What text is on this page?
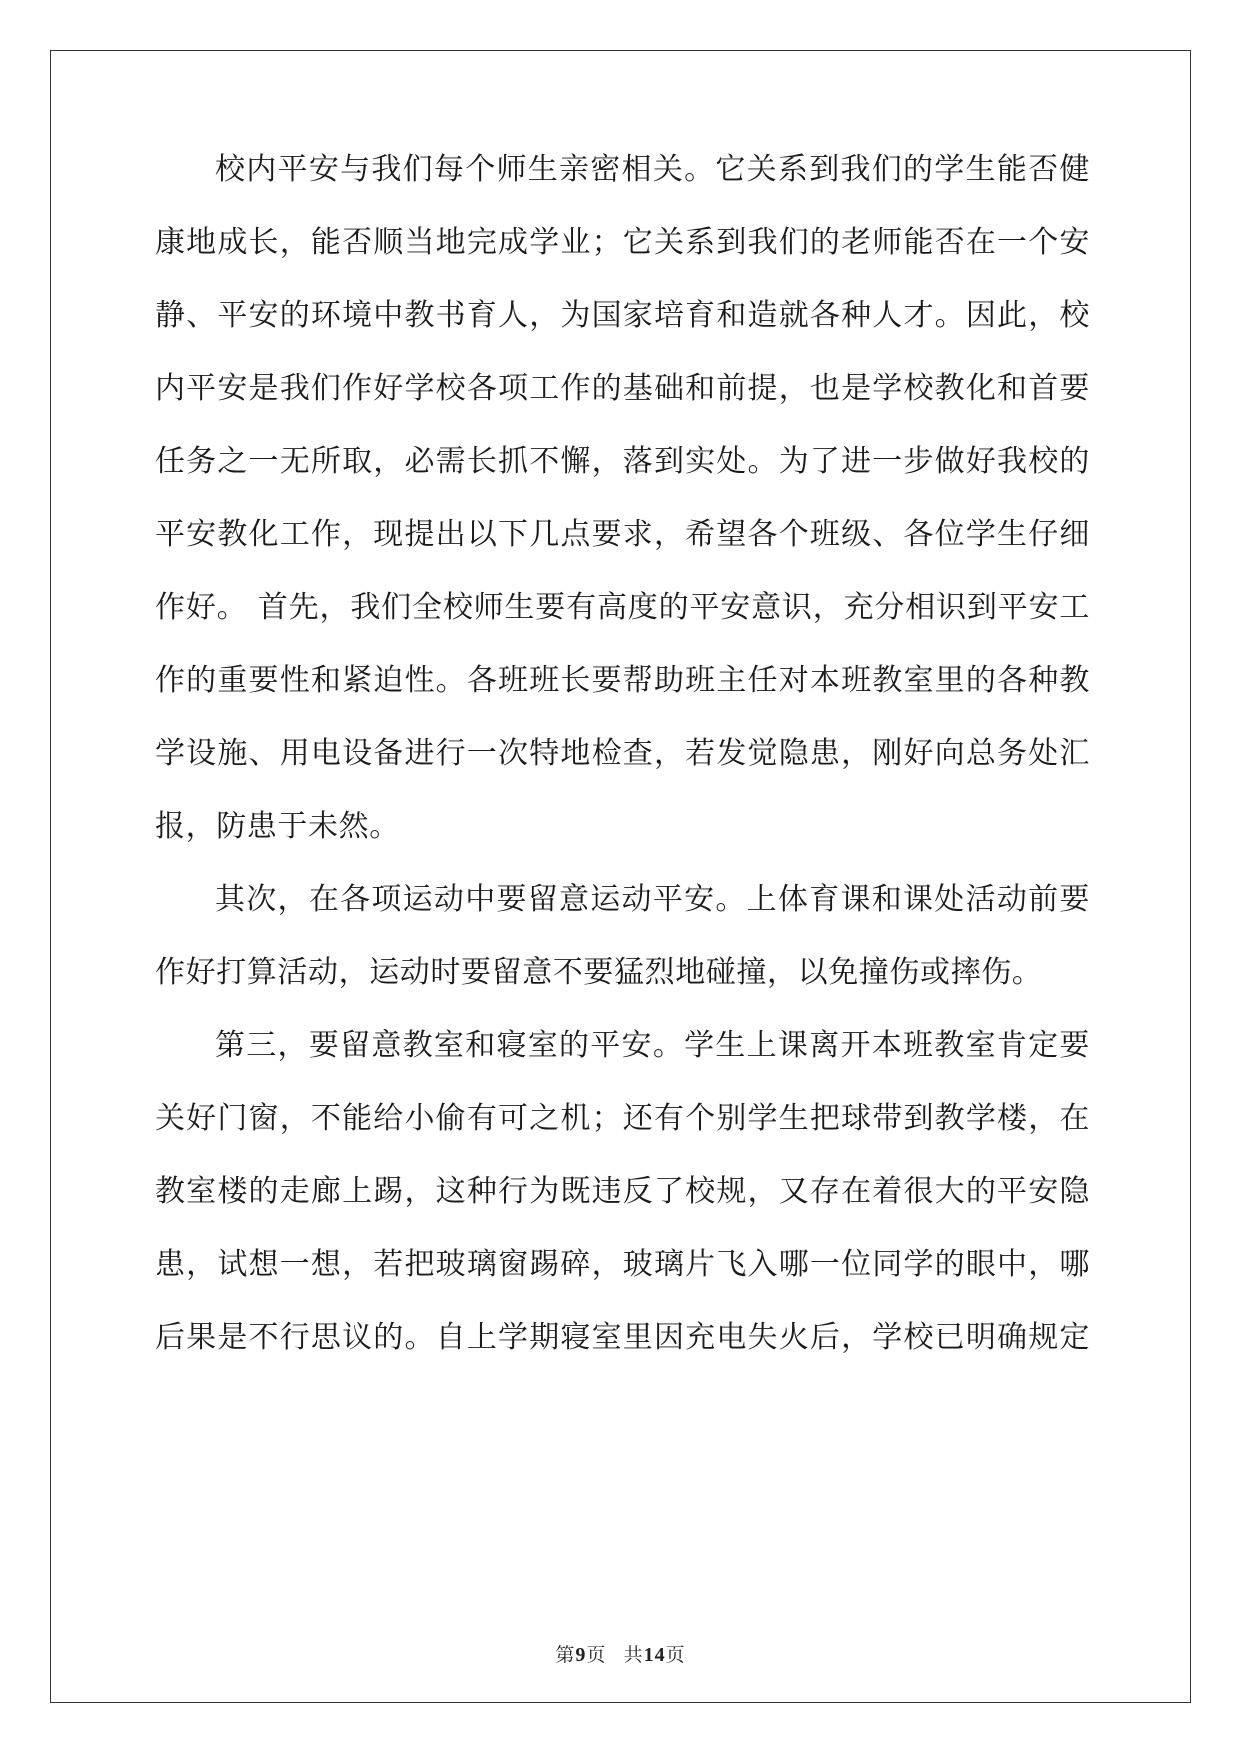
校内平安与我们每个师生亲密相关。它关系到我们的学生能否健
康地成长，能否顺当地完成学业；它关系到我们的老师能否在一个安
静、平安的环境中教书育人，为国家培育和造就各种人才。因此，校
内平安是我们作好学校各项工作的基础和前提，也是学校教化和首要
任务之一无所取，必需长抓不懈，落到实处。为了进一步做好我校的
平安教化工作，现提出以下几点要求，希望各个班级、各位学生仔细
作好。 首先，我们全校师生要有高度的平安意识，充分相识到平安工
作的重要性和紧迫性。各班班长要帮助班主任对本班教室里的各种教
学设施、用电设备进行一次特地检查，若发觉隐患，刚好向总务处汇
报，防患于未然。
其次，在各项运动中要留意运动平安。上体育课和课处活动前要
作好打算活动，运动时要留意不要猛烈地碰撞，以免撞伤或摔伤。
第三，要留意教室和寝室的平安。学生上课离开本班教室肯定要
关好门窗，不能给小偷有可之机；还有个别学生把球带到教学楼，在
教室楼的走廊上踢，这种行为既违反了校规，又存在着很大的平安隐
患，试想一想，若把玻璃窗踢碎，玻璃片飞入哪一位同学的眼中，哪
后果是不行思议的。自上学期寝室里因充电失火后，学校已明确规定
第9页 共14页
